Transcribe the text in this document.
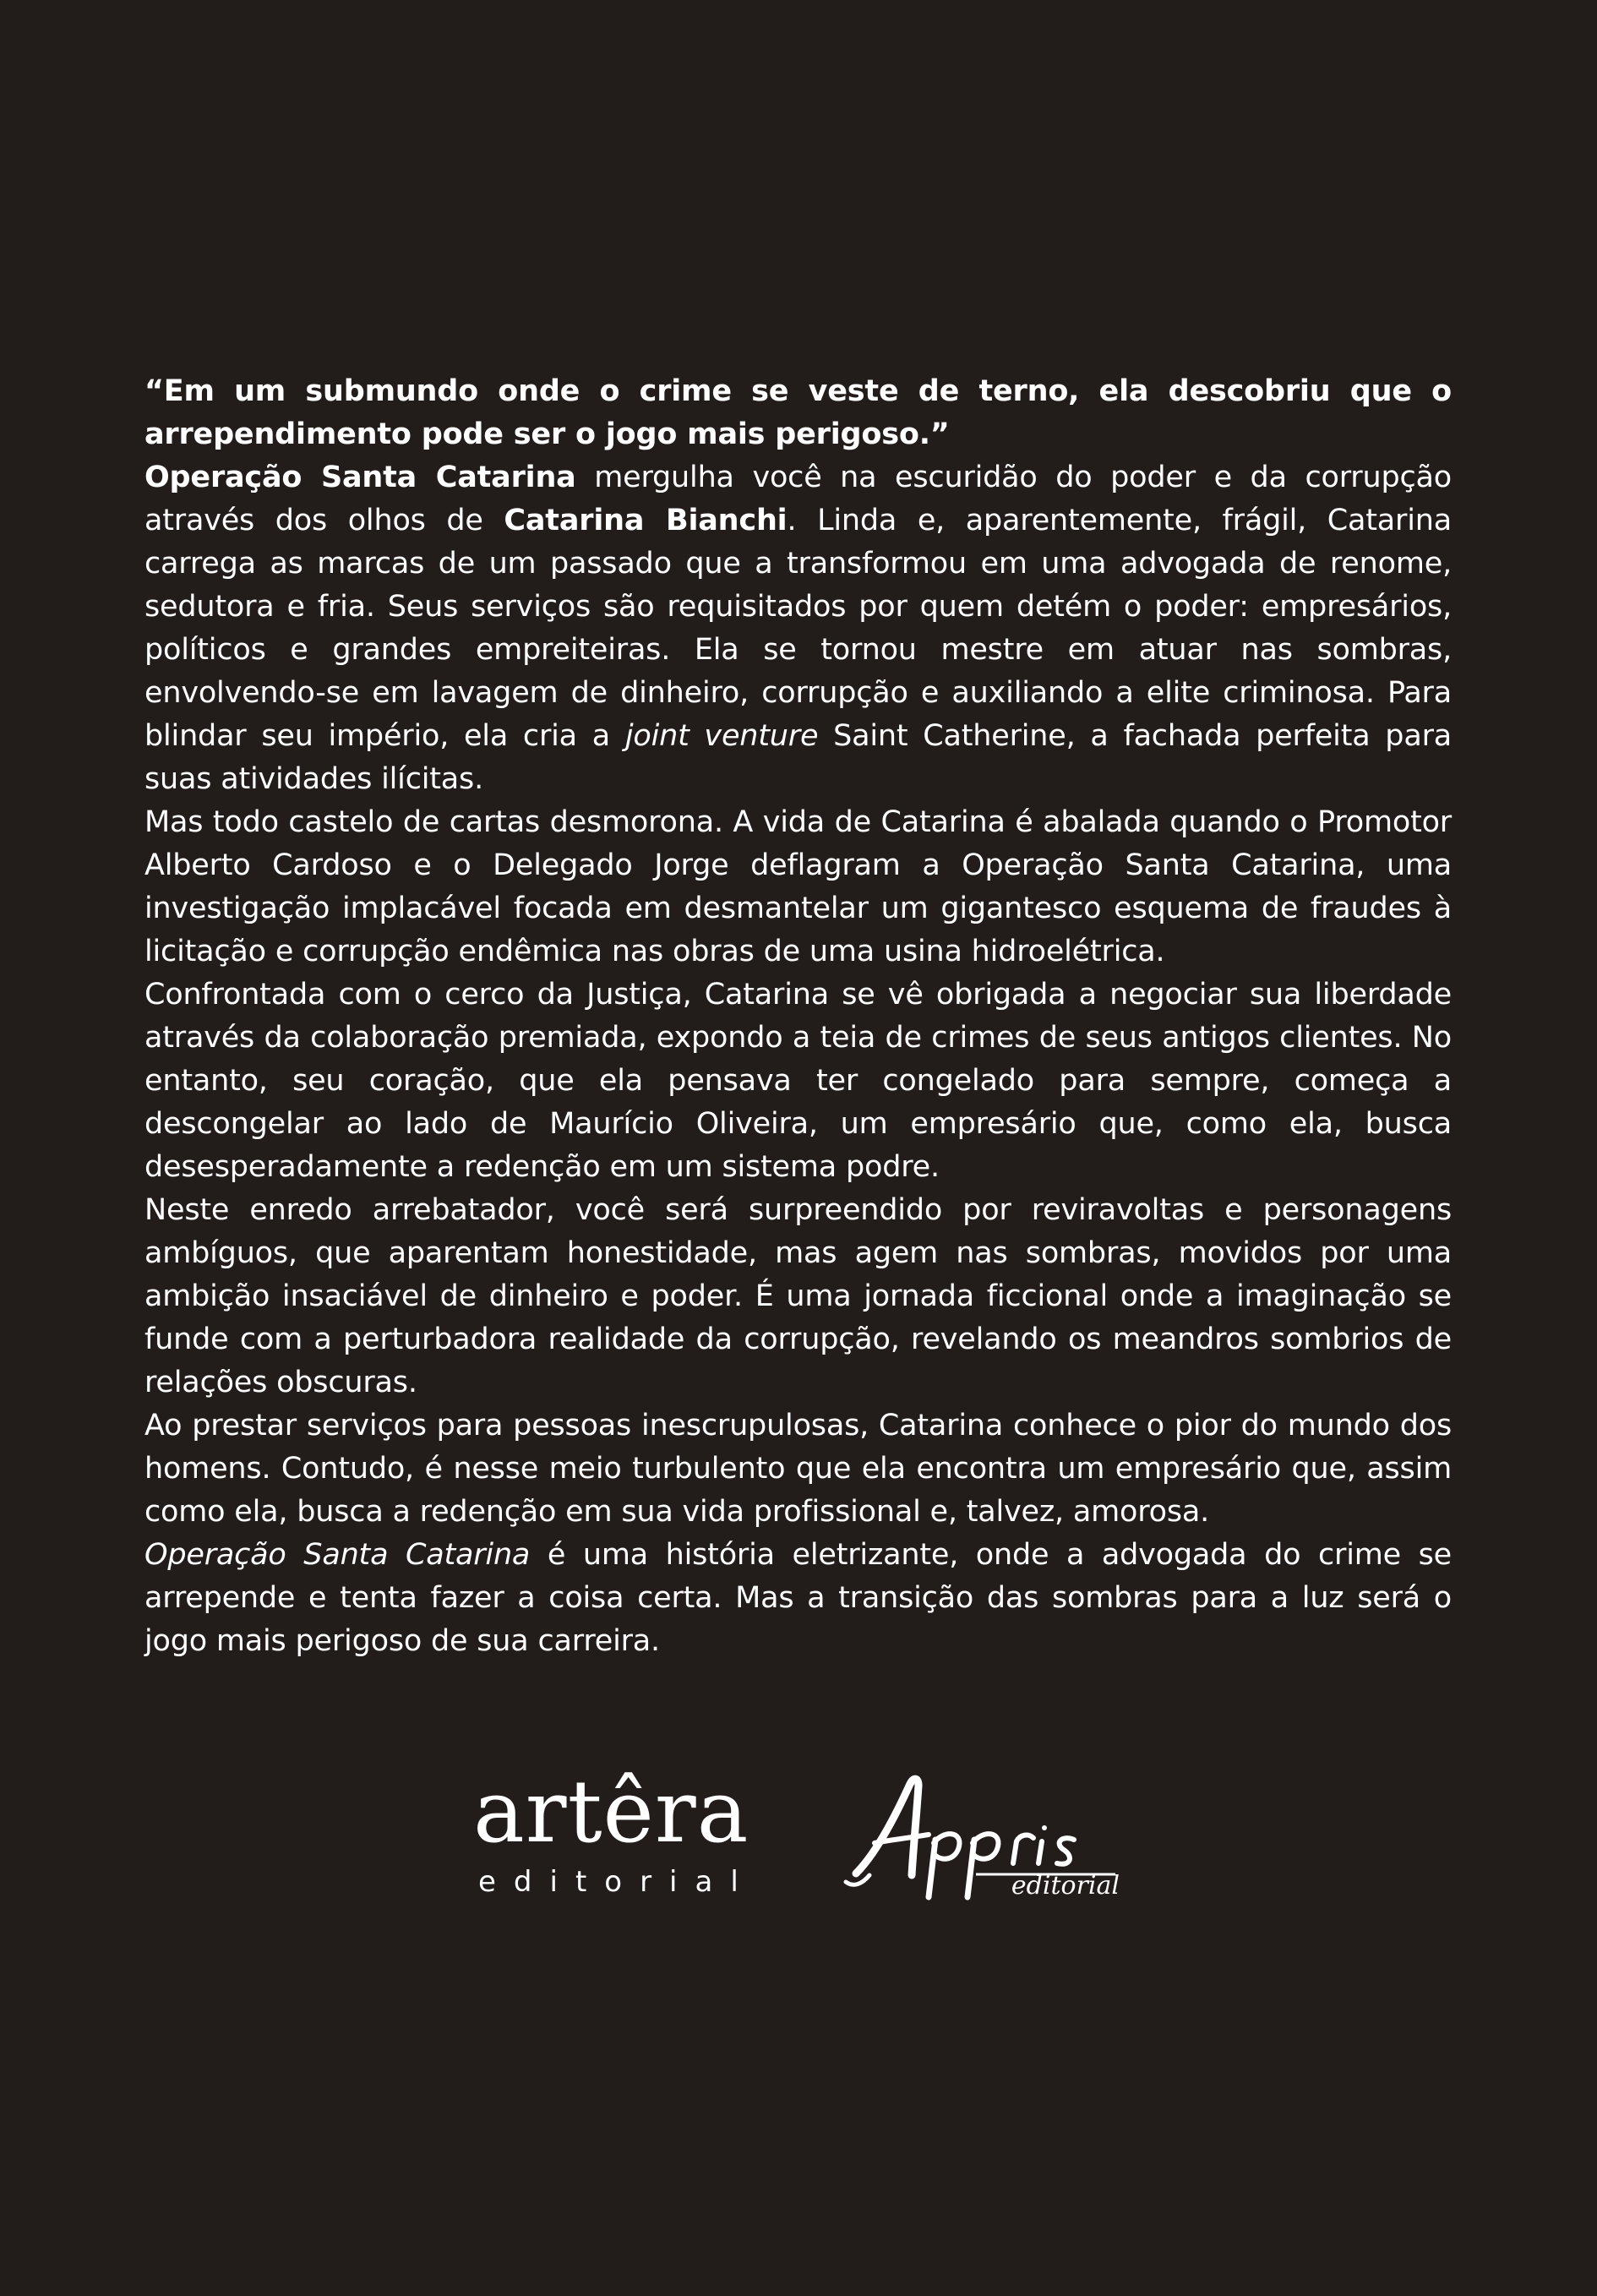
“Em um submundo onde o crime se veste de terno, ela descobriu que o arrependimento pode ser o jogo mais perigoso.”

Operação Santa Catarina mergulha você na escuridão do poder e da corrupção através dos olhos de Catarina Bianchi. Linda e, aparentemente, frágil, Catarina carrega as marcas de um passado que a transformou em uma advogada de renome, sedutora e fria. Seus serviços são requisitados por quem detém o poder: empresários, políticos e grandes empreiteiras. Ela se tornou mestre em atuar nas sombras, envolvendo-se em lavagem de dinheiro, corrupção e auxiliando a elite criminosa. Para blindar seu império, ela cria a joint venture Saint Catherine, a fachada perfeita para suas atividades ilícitas.

Mas todo castelo de cartas desmorona. A vida de Catarina é abalada quando o Promotor Alberto Cardoso e o Delegado Jorge deflagram a Operação Santa Catarina, uma investigação implacável focada em desmantelar um gigantesco esquema de fraudes à licitação e corrupção endêmica nas obras de uma usina hidroelétrica.

Confrontada com o cerco da Justiça, Catarina se vê obrigada a negociar sua liberdade através da colaboração premiada, expondo a teia de crimes de seus antigos clientes. No entanto, seu coração, que ela pensava ter congelado para sempre, começa a descongelar ao lado de Maurício Oliveira, um empresário que, como ela, busca desesperadamente a redenção em um sistema podre.

Neste enredo arrebatador, você será surpreendido por reviravoltas e personagens ambíguos, que aparentam honestidade, mas agem nas sombras, movidos por uma ambição insaciável de dinheiro e poder. É uma jornada ficcional onde a imaginação se funde com a perturbadora realidade da corrupção, revelando os meandros sombrios de relações obscuras.

Ao prestar serviços para pessoas inescrupulosas, Catarina conhece o pior do mundo dos homens. Contudo, é nesse meio turbulento que ela encontra um empresário que, assim como ela, busca a redenção em sua vida profissional e, talvez, amorosa.

Operação Santa Catarina é uma história eletrizante, onde a advogada do crime se arrepende e tenta fazer a coisa certa. Mas a transição das sombras para a luz será o jogo mais perigoso de sua carreira.

artêra
editorial	editorial
